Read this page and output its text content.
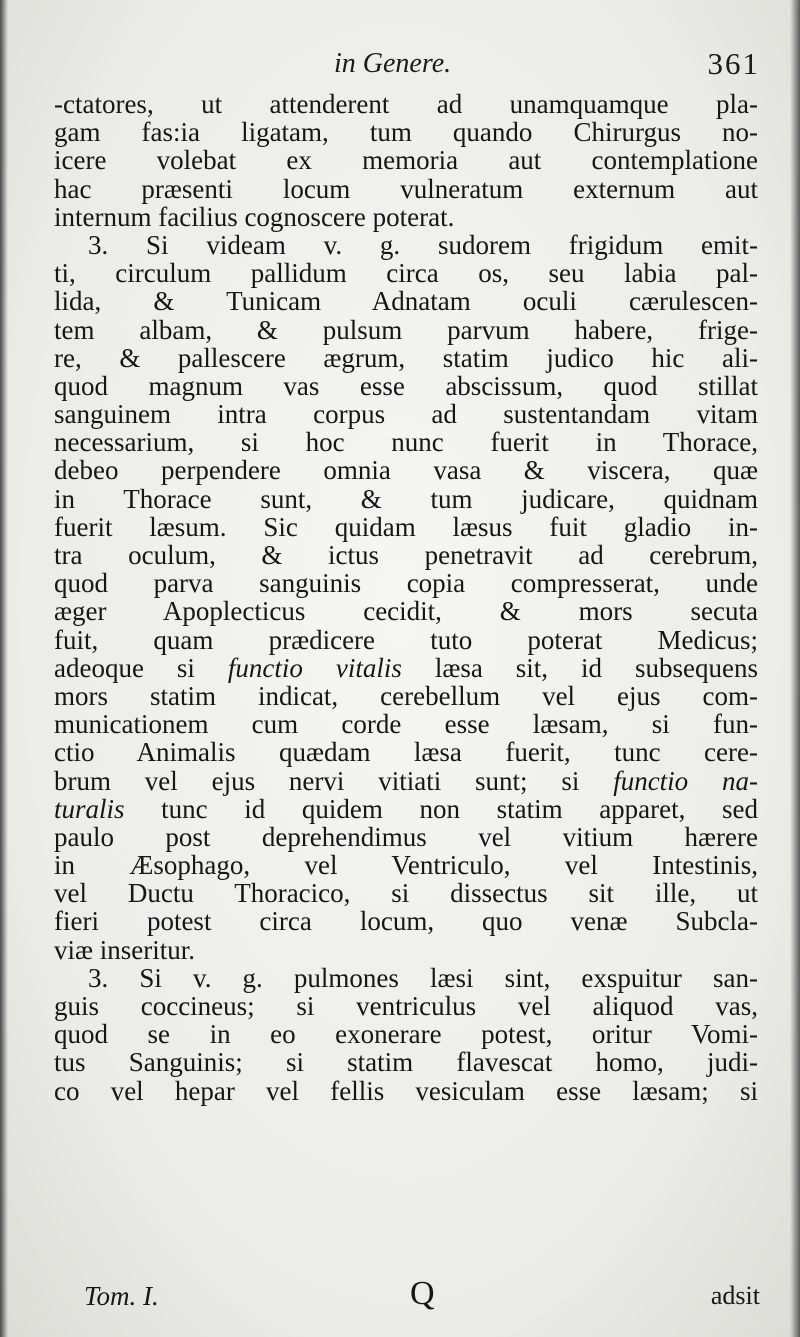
in Genere.	361
-ctatores, ut attenderent ad unamquamque pla-
gam fas:ia ligatam, tum quando Chirurgus no-
icere volebat ex memoria aut contemplatione
hac præsenti locum vulneratum externum aut
internum facilius cognoscere poterat.
3. Si videam v. g. sudorem frigidum emit-
ti, circulum pallidum circa os, seu labia pal-
lida, & Tunicam Adnatam oculi cærulescen-
tem albam, & pulsum parvum habere, frige-
re, & pallescere ægrum, statim judico hic ali-
quod magnum vas esse abscissum, quod stillat
sanguinem intra corpus ad sustentandam vitam
necessarium, si hoc nunc fuerit in Thorace,
debeo perpendere omnia vasa & viscera, quæ
in Thorace sunt, & tum judicare, quidnam
fuerit læsum. Sic quidam læsus fuit gladio in-
tra oculum, & ictus penetravit ad cerebrum,
quod parva sanguinis copia compresserat, unde
æger Apoplecticus cecidit, & mors secuta
fuit, quam prædicere tuto poterat Medicus;
adeoque si functio vitalis læsa sit, id subsequens
mors statim indicat, cerebellum vel ejus com-
municationem cum corde esse læsam, si fun-
ctio Animalis quædam læsa fuerit, tunc cere-
brum vel ejus nervi vitiati sunt; si functio na-
turalis tunc id quidem non statim apparet, sed
paulo post deprehendimus vel vitium hærere
in Æsophago, vel Ventriculo, vel Intestinis,
vel Ductu Thoracico, si dissectus sit ille, ut
fieri potest circa locum, quo venæ Subcla-
viæ inseritur.
3. Si v. g. pulmones læsi sint, exspuitur san-
guis coccineus; si ventriculus vel aliquod vas,
quod se in eo exonerare potest, oritur Vomi-
tus Sanguinis; si statim flavescat homo, judi-
co vel hepar vel fellis vesiculam esse læsam; si
Tom. I.	Q	adsit
